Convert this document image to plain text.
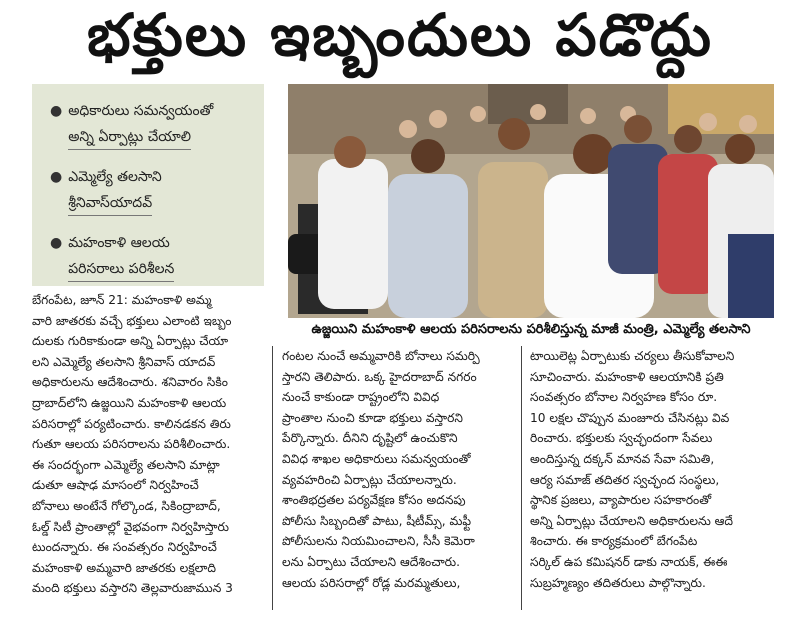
భక్తులు ఇబ్బందులు పడొద్దు
● అధికారులు సమన్వయంతో
అన్ని ఏర్పాట్లు చేయాలి
● ఎమ్మెల్యే తలసాని
శ్రీనివాస్‌యాదవ్‌
● మహంకాళి ఆలయ
పరిసరాలు పరిశీలన
ఉజ్జయిని మహంకాళి ఆలయ పరిసరాలను పరిశీలిస్తున్న మాజీ మంత్రి, ఎమ్మెల్యే తలసాని

బేగంపేట, జూన్‌ 21: మహంకాళి అమ్మ

వారి జాతరకు వచ్చే భక్తులు ఎలాంటి ఇబ్బం

దులకు గురికాకుండా అన్ని ఏర్పాట్లు చేయా

లని ఎమ్మెల్యే తలసాని శ్రీనివాస్‌ యాదవ్‌

అధికారులను ఆదేశించారు. శనివారం సికిం

ద్రాబాద్‌లోని ఉజ్జయిని మహంకాళి ఆలయ

పరిసరాల్లో పర్యటించారు. కాలినడకన తిరు

గుతూ ఆలయ పరిసరాలను పరిశీలించారు.

ఈ సందర్భంగా ఎమ్మెల్యే తలసాని మాట్లా

డుతూ ఆషాఢ మాసంలో నిర్వహించే

బోనాలు అంటేనే గోల్కొండ, సికింద్రాబాద్‌,

ఓల్డ్‌ సిటీ ప్రాంతాల్లో వైభవంగా నిర్వహిస్తారు

టుందన్నారు. ఈ సంవత్సరం నిర్వహించే

మహంకాళి అమ్మవారి జాతరకు లక్షలాది

మంది భక్తులు వస్తారని తెల్లవారుజామున 3

గంటల నుంచే అమ్మవారికి బోనాలు సమర్పి

స్తారని తెలిపారు. ఒక్క హైదరాబాద్‌ నగరం

నుంచే కాకుండా రాష్ట్రంలోని వివిధ

ప్రాంతాల నుంచి కూడా భక్తులు వస్తారని

పేర్కొన్నారు. దీనిని దృష్టిలో ఉంచుకొని

వివిధ శాఖల అధికారులు సమన్వయంతో

వ్యవహరించి ఏర్పాట్లు చేయాలన్నారు.

శాంతిభద్రతల పర్యవేక్షణ కోసం అదనపు

పోలీసు సిబ్బందితో పాటు, షీటీమ్స్‌, మఫ్టీ

పోలీసులను నియమించాలని, సీసీ కెమెరా

లను ఏర్పాటు చేయాలని ఆదేశించారు.

ఆలయ పరిసరాల్లో రోడ్ల మరమ్మతులు,

టాయిలెట్ల ఏర్పాటుకు చర్యలు తీసుకోవాలని

సూచించారు. మహంకాళి ఆలయానికి ప్రతి

సంవత్సరం బోనాల నిర్వహణ కోసం రూ.

10 లక్షల చొప్పున మంజూరు చేసినట్లు వివ

రించారు. భక్తులకు స్వచ్ఛందంగా సేవలు

అందిస్తున్న దక్కన్‌ మానవ సేవా సమితి,

ఆర్య సమాజ్‌ తదితర స్వచ్ఛంద సంస్థలు,

స్థానిక ప్రజలు, వ్యాపారుల సహకారంతో

అన్ని ఏర్పాట్లు చేయాలని అధికారులను ఆదే

శించారు. ఈ కార్యక్రమంలో బేగంపేట

సర్కిల్‌ ఉప కమిషనర్‌ డాకు నాయక్‌, ఈఈ

సుబ్రహ్మణ్యం తదితరులు పాల్గొన్నారు.
